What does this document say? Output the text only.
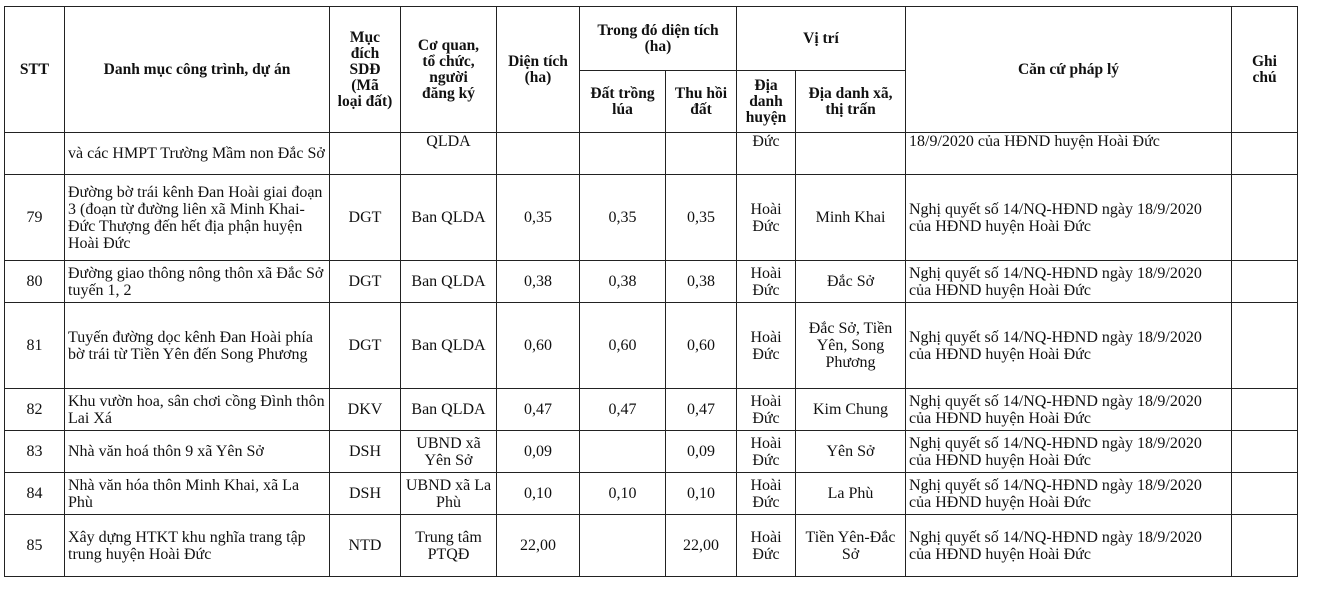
STT	Danh mục công trình, dự án	Mục
đích
SDĐ
(Mã
loại đất)	Cơ quan,
tổ chức,
người
đăng ký	Diện tích
(ha)	Trong đó diện tích
(ha)		Vị trí		Căn cứ pháp lý	Ghi
chú
					Đất trồng
lúa	Thu hồi
đất	Địa
danh
huyện	Địa danh xã,
thị trấn		
	và các HMPT Trường Mầm non Đắc Sở		QLDA				Đức		18/9/2020 của HĐND huyện Hoài Đức	
79	Đường bờ trái kênh Đan Hoài giai đoạn 3 (đoạn từ đường liên xã Minh Khai-Đức Thượng đến hết địa phận huyện Hoài Đức	DGT	Ban QLDA	0,35	0,35	0,35	Hoài Đức	Minh Khai	Nghị quyết số 14/NQ-HĐND ngày 18/9/2020 của HĐND huyện Hoài Đức	
80	Đường giao thông nông thôn xã Đắc Sở tuyến 1, 2	DGT	Ban QLDA	0,38	0,38	0,38	Hoài Đức	Đắc Sở	Nghị quyết số 14/NQ-HĐND ngày 18/9/2020 của HĐND huyện Hoài Đức	
81	Tuyến đường dọc kênh Đan Hoài phía bờ trái từ Tiền Yên đến Song Phương	DGT	Ban QLDA	0,60	0,60	0,60	Hoài Đức	Đắc Sở, Tiền Yên, Song Phương	Nghị quyết số 14/NQ-HĐND ngày 18/9/2020 của HĐND huyện Hoài Đức	
82	Khu vườn hoa, sân chơi cồng Đình thôn Lai Xá	DKV	Ban QLDA	0,47	0,47	0,47	Hoài Đức	Kim Chung	Nghị quyết số 14/NQ-HĐND ngày 18/9/2020 của HĐND huyện Hoài Đức	
83	Nhà văn hoá thôn 9 xã Yên Sở	DSH	UBND xã Yên Sở	0,09		0,09	Hoài Đức	Yên Sở	Nghị quyết số 14/NQ-HĐND ngày 18/9/2020 của HĐND huyện Hoài Đức	
84	Nhà văn hóa thôn Minh Khai, xã La Phù	DSH	UBND xã La Phù	0,10	0,10	0,10	Hoài Đức	La Phù	Nghị quyết số 14/NQ-HĐND ngày 18/9/2020 của HĐND huyện Hoài Đức	
85	Xây dựng HTKT khu nghĩa trang tập trung huyện Hoài Đức	NTD	Trung tâm PTQĐ	22,00		22,00	Hoài Đức	Tiền Yên-Đắc Sở	Nghị quyết số 14/NQ-HĐND ngày 18/9/2020 của HĐND huyện Hoài Đức	
